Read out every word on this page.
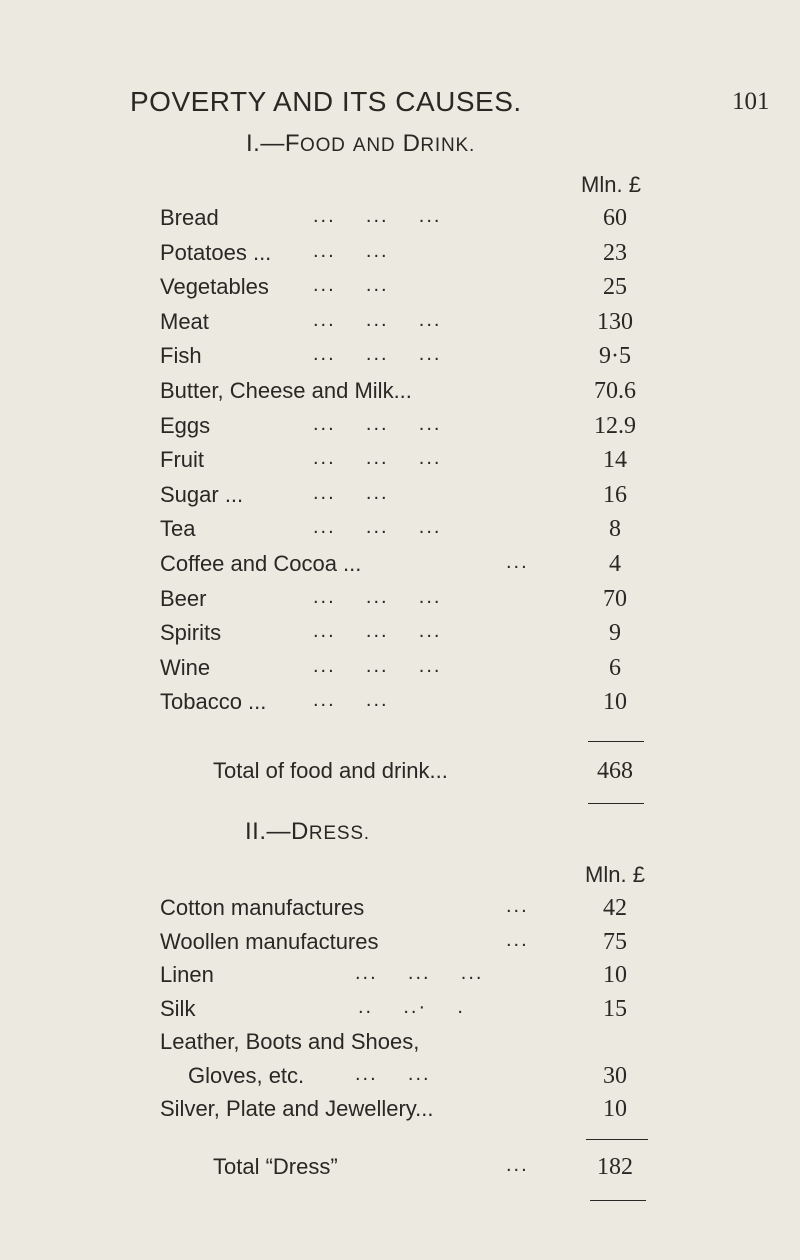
POVERTY AND ITS CAUSES.	101
I.—FOOD AND DRINK.
Mln. £
Bread	...    ...    ...	60
Potatoes ... ...    ...	23
Vegetables ...    ...	25
Meat	...    ...    ...	130
Fish	...    ...    ...	9·5
Butter, Cheese and Milk...	70.6
Eggs	...    ...    ...	12.9
Fruit	...    ...    ...	14
Sugar ...	...    ...	16
Tea	...    ...    ...	8
Coffee and Cocoa ...	...	4
Beer	...    ...    ...	70
Spirits	...    ...    ...	9
Wine	...    ...    ...	6
Tobacco ... ...    ...	10
Total of food and drink...	468
II.—DRESS.
Mln. £
Cotton manufactures	...	42
Woollen manufactures	...	75
Linen	...    ...    ...	10
Silk	..    ..·    .	15
Leather, Boots and Shoes,
Gloves, etc.	...    ...	30
Silver, Plate and Jewellery...	10
Total “Dress”	...	182
